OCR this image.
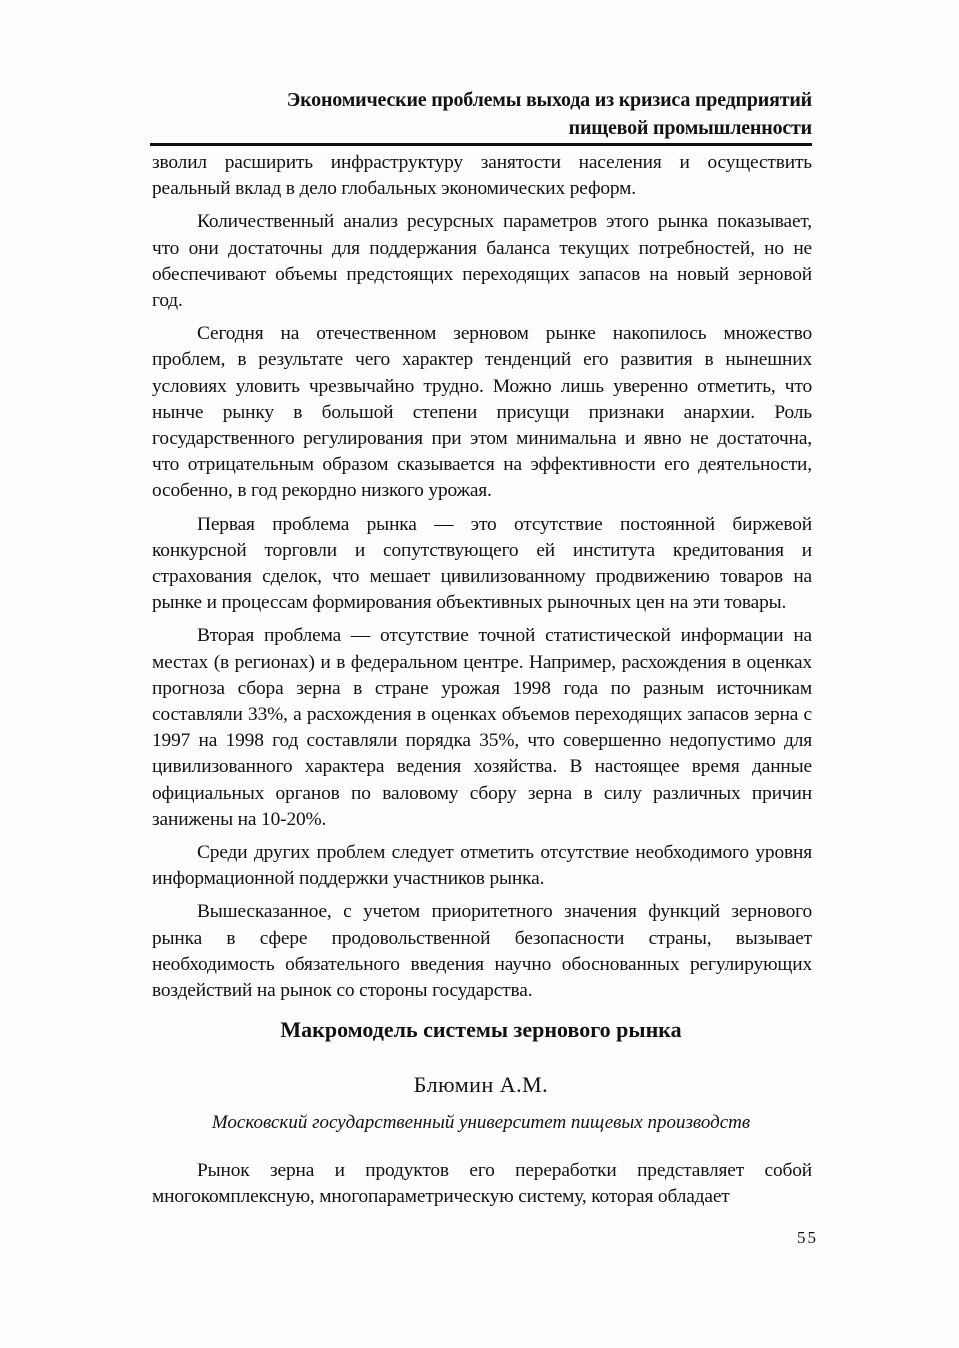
Экономические проблемы выхода из кризиса предприятий
пищевой промышленности

зволил расширить инфраструктуру занятости населения и осуществить реальный вклад в дело глобальных экономических реформ.

Количественный анализ ресурсных параметров этого рынка показывает, что они достаточны для поддержания баланса текущих потребностей, но не обеспечивают объемы предстоящих переходящих запасов на новый зерновой год.

Сегодня на отечественном зерновом рынке накопилось множество проблем, в результате чего характер тенденций его развития в нынешних условиях уловить чрезвычайно трудно. Можно лишь уверенно отметить, что нынче рынку в большой степени присущи признаки анархии. Роль государственного регулирования при этом минимальна и явно не достаточна, что отрицательным образом сказывается на эффективности его деятельности, особенно, в год рекордно низкого урожая.

Первая проблема рынка — это отсутствие постоянной биржевой конкурсной торговли и сопутствующего ей института кредитования и страхования сделок, что мешает цивилизованному продвижению товаров на рынке и процессам формирования объективных рыночных цен на эти товары.

Вторая проблема — отсутствие точной статистической информации на местах (в регионах) и в федеральном центре. Например, расхождения в оценках прогноза сбора зерна в стране урожая 1998 года по разным источникам составляли 33%, а расхождения в оценках объемов переходящих запасов зерна с 1997 на 1998 год составляли порядка 35%, что совершенно недопустимо для цивилизованного характера ведения хозяйства. В настоящее время данные официальных органов по валовому сбору зерна в силу различных причин занижены на 10-20%.

Среди других проблем следует отметить отсутствие необходимого уровня информационной поддержки участников рынка.

Вышесказанное, с учетом приоритетного значения функций зернового рынка в сфере продовольственной безопасности страны, вызывает необходимость обязательного введения научно обоснованных регулирующих воздействий на рынок со стороны государства.

Макромодель системы зернового рынка
Блюмин А.М.
Московский государственный университет пищевых производств

Рынок зерна и продуктов его переработки представляет собой многокомплексную, многопараметрическую систему, которая обладает

55
